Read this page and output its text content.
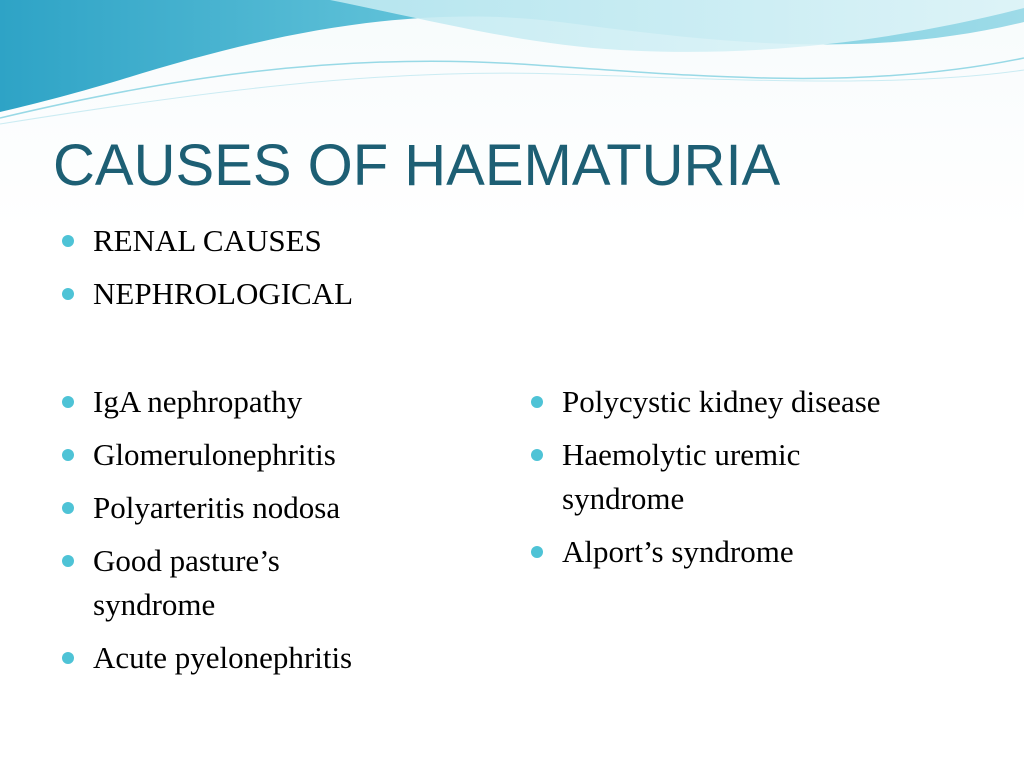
CAUSES OF HAEMATURIA
RENAL CAUSES
NEPHROLOGICAL
IgA nephropathy
Glomerulonephritis
Polyarteritis nodosa
Good pasture’s syndrome
Acute pyelonephritis
Polycystic kidney disease
Haemolytic uremic syndrome
Alport’s syndrome
